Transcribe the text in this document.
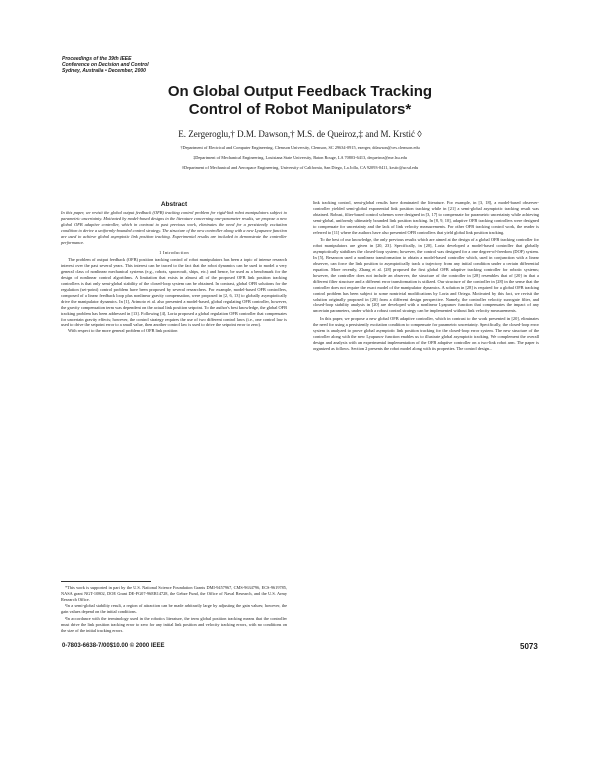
Proceedings of the 39th IEEE
Conference on Decision and Control
Sydney, Australia • December, 2000
On Global Output Feedback Tracking
Control of Robot Manipulators*
E. Zergeroglu,† D.M. Dawson,† M.S. de Queiroz,‡ and M. Krstić ◊
†Department of Electrical and Computer Engineering, Clemson University, Clemson, SC 29634-0915, ezerger, ddawson@ces.clemson.edu
‡Department of Mechanical Engineering, Louisiana State University, Baton Rouge, LA 70803-6413, dequeiroz@me.lsu.edu
◊Department of Mechanical and Aerospace Engineering, University of California, San Diego, La Jolla, CA 92093-0411, krstic@ucsd.edu
Abstract
In this paper, we revisit the global output feedback (OFB) tracking control problem for rigid-link robot manipulators subject to parametric uncertainty. Motivated by model-based designs in the literature concerning one-parameter results, we propose a new global OFB adaptive controller, which in contrast to past previous work, eliminates the need for a persistently excitation condition to derive a uniformly-bounded control strategy. The structure of the new controller along with a new Lyapunov function are used to achieve global asymptotic link position tracking. Experimental results are included to demonstrate the controller performance.
1 Introduction

The problem of output feedback (OFB) position tracking control of robot manipulators has been a topic of intense research interest over the past several years. This interest can be traced to the fact that the robot dynamics can be used to model a very general class of nonlinear mechanical systems (e.g., robots, spacecraft, ships, etc.) and hence, be used as a benchmark for the design of nonlinear control algorithms. A limitation that exists in almost all of the proposed OFB link position tracking controllers is that only semi-global stability of the closed-loop system can be obtained. In contrast, global OFB solutions for the regulation (set-point) control problem have been proposed by several researchers. For example, model-based OFB controllers, composed of a linear feedback loop plus nonlinear gravity compensation, were proposed in [2, 6, 13] to globally asymptotically drive the manipulator dynamics. In [1], Arimoto et al. also presented a model-based, global regulating OFB controller, however, the gravity compensation term was dependent on the actual link position setpoint. To the author's best knowledge, the global OFB tracking problem has been addressed in [13]. Following [4], Loria proposed a global regulation OFB controller that compensates for uncertain gravity effects; however, the control strategy requires the use of two different control laws (i.e., one control law is used to drive the setpoint error to a small value, then another control law is used to drive the setpoint error to zero).

With respect to the more general problem of OFB link position

*This work is supported in part by the U.S. National Science Foundation Grants DMI-9457967, CMS-9634796, ECS-9619785, NASA grant NGT-10802, DOE Grant DE-FG07-96ER14728, the Gebze Fund, the Office of Naval Research, and the U.S. Army Research Office.

¹In a semi-global stability result, a region of attraction can be made arbitrarily large by adjusting the gain values; however, the gain values depend on the initial conditions.

²In accordance with the terminology used in the robotics literature, the term global position tracking means that the controller must drive the link position tracking error to zero for any initial link position and velocity tracking errors, with no conditions on the size of the initial tracking errors.

link tracking control, semi-global results have dominated the literature. For example, in [3, 18], a model-based observer-controller yielded semi-global exponential link position tracking while in [21] a semi-global asymptotic tracking result was obtained. Robust, filter-based control schemes were designed in [3, 17] to compensate for parametric uncertainty while achieving semi-global, uniformly ultimately bounded link position tracking. In [8, 9, 10], adaptive OFB tracking controllers were designed to compensate for uncertainty and the lack of link velocity measurements. For other OFB tracking control work, the reader is referred to [11] where the authors have also presented OFB controllers that yield global link position tracking.

To the best of our knowledge, the only previous results which are aimed at the design of a global OFB tracking controller for robot manipulators are given in [20, 23]. Specifically, in [20], Loria developed a model-based controller that globally asymptotically stabilizes the closed-loop system; however, the control was designed for a one degree-of-freedom (DOF) system. In [5], Besancon used a nonlinear transformation to obtain a model-based controller which, used in conjunction with a linear observer, can force the link position to asymptotically track a trajectory from any initial condition under a certain differential equation. More recently, Zhang et al. [28] proposed the first global OFB adaptive tracking controller for robotic systems; however, the controller does not include an observer, the structure of the controller in [28] resembles that of [20] in that a different filter structure and a different error transformation is utilized. Our structure of the controller in [28] in the sense that the controller does not require the exact model of the manipulator dynamics. A solution in [28] is required for a global OFB tracking control problem has been subject to some nontrivial modifications by Loria and Ortega. Motivated by this fact, we revisit the solution originally proposed in [20] from a different design perspective. Namely, the controller velocity surrogate filter, and closed-loop stability analysis in [20] are developed with a nonlinear Lyapunov function that compensates the impact of any uncertain parameters, under which a robust control strategy can be implemented without link velocity measurements.

In this paper, we propose a new global OFB adaptive controller, which in contrast to the work presented in [20], eliminates the need for using a persistently excitation condition to compensate for parametric uncertainty. Specifically, the closed-loop error system is analyzed to prove global asymptotic link position tracking for the closed-loop error system. The new structure of the controller along with the new Lyapunov function enables us to illustrate global asymptotic tracking. We complement the overall design and analysis with an experimental implementation of the OFB adaptive controller on a two-link robot arm. The paper is organized as follows. Section 2 presents the robot model along with its properties. The control design...

0-7803-6638-7/00$10.00 © 2000 IEEE	5073
